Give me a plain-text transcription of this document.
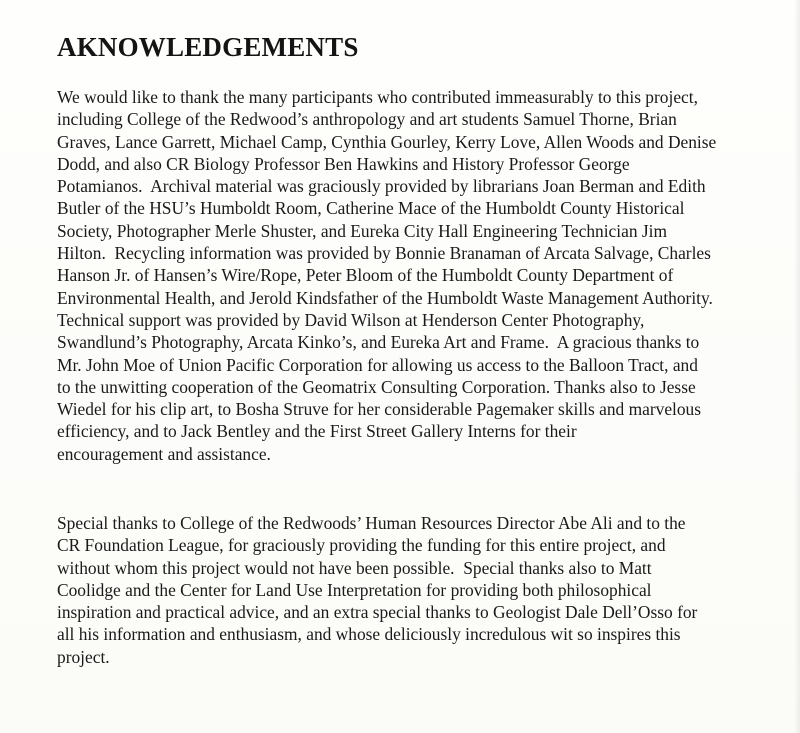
AKNOWLEDGEMENTS

We would like to thank the many participants who contributed immeasurably to this project,
including College of the Redwood’s anthropology and art students Samuel Thorne, Brian
Graves, Lance Garrett, Michael Camp, Cynthia Gourley, Kerry Love, Allen Woods and Denise
Dodd, and also CR Biology Professor Ben Hawkins and History Professor George
Potamianos.  Archival material was graciously provided by librarians Joan Berman and Edith
Butler of the HSU’s Humboldt Room, Catherine Mace of the Humboldt County Historical
Society, Photographer Merle Shuster, and Eureka City Hall Engineering Technician Jim
Hilton.  Recycling information was provided by Bonnie Branaman of Arcata Salvage, Charles
Hanson Jr. of Hansen’s Wire/Rope, Peter Bloom of the Humboldt County Department of
Environmental Health, and Jerold Kindsfather of the Humboldt Waste Management Authority.
Technical support was provided by David Wilson at Henderson Center Photography,
Swandlund’s Photography, Arcata Kinko’s, and Eureka Art and Frame.  A gracious thanks to
Mr. John Moe of Union Pacific Corporation for allowing us access to the Balloon Tract, and
to the unwitting cooperation of the Geomatrix Consulting Corporation. Thanks also to Jesse
Wiedel for his clip art, to Bosha Struve for her considerable Pagemaker skills and marvelous
efficiency, and to Jack Bentley and the First Street Gallery Interns for their
encouragement and assistance.

Special thanks to College of the Redwoods’ Human Resources Director Abe Ali and to the
CR Foundation League, for graciously providing the funding for this entire project, and
without whom this project would not have been possible.  Special thanks also to Matt
Coolidge and the Center for Land Use Interpretation for providing both philosophical
inspiration and practical advice, and an extra special thanks to Geologist Dale Dell’Osso for
all his information and enthusiasm, and whose deliciously incredulous wit so inspires this
project.
